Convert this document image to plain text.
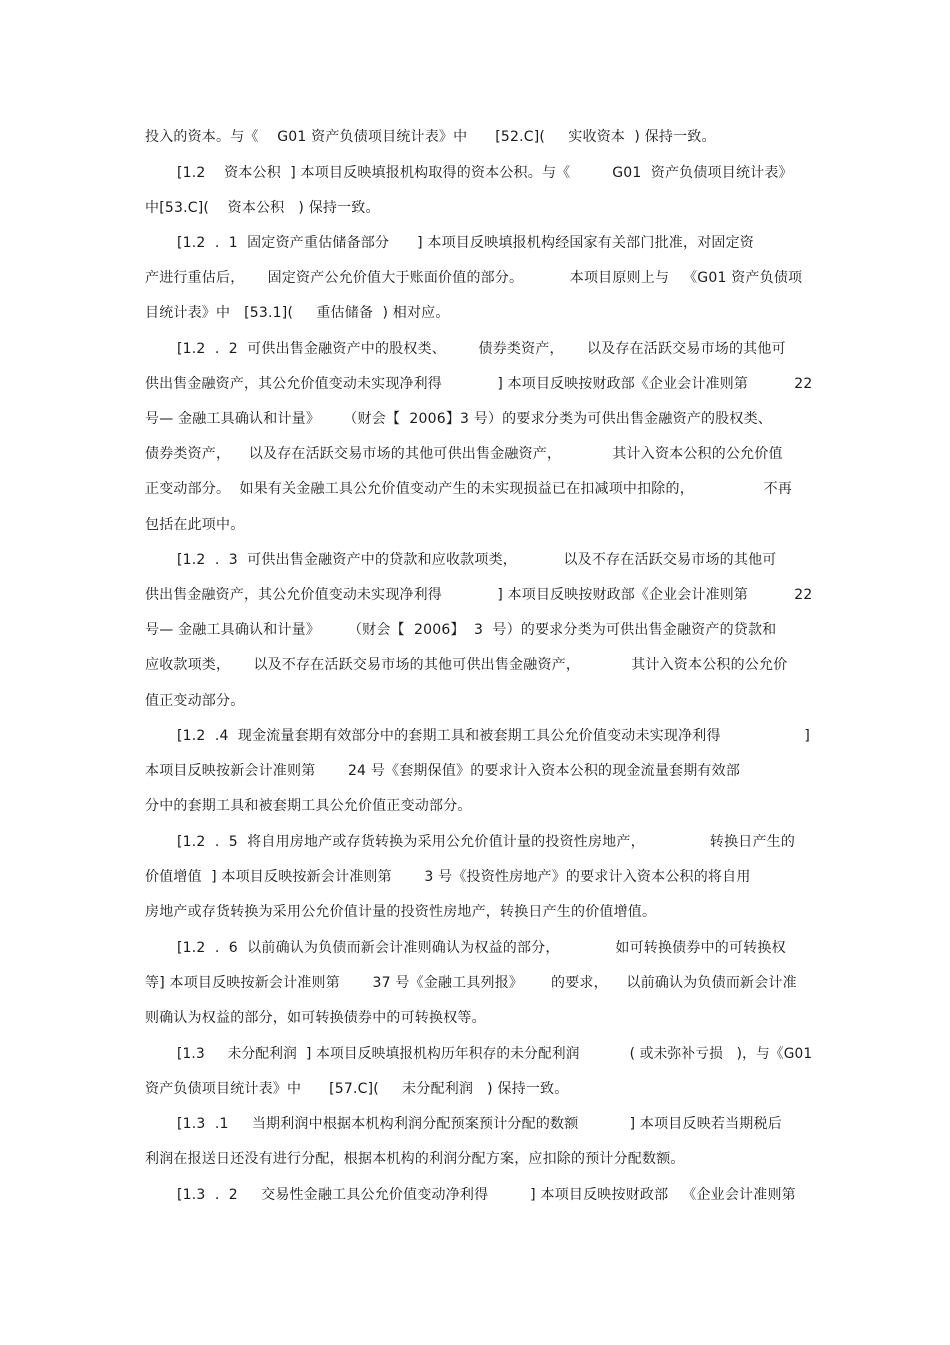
投入的资本。与《    G01 资产负债项目统计表》中      [52.C](     实收资本  ) 保持一致。
[1.2    资本公积  ] 本项目反映填报机构取得的资本公积。与《         G01  资产负债项目统计表》
中[53.C](    资本公积   ) 保持一致。
[1.2  .  1  固定资产重估储备部分      ] 本项目反映填报机构经国家有关部门批准，对固定资
产进行重估后，     固定资产公允价值大于账面价值的部分。          本项目原则上与   《G01 资产负债项
目统计表》中   [53.1](     重估储备  ) 相对应。
[1.2  .  2  可供出售金融资产中的股权类、       债券类资产，     以及存在活跃交易市场的其他可
供出售金融资产，其公允价值变动未实现净利得            ] 本项目反映按财政部《企业会计准则第          22
号— 金融工具确认和计量》     （财会【  2006】3 号）的要求分类为可供出售金融资产的股权类、
债券类资产，    以及存在活跃交易市场的其他可供出售金融资产，           其计入资本公积的公允价值
正变动部分。  如果有关金融工具公允价值变动产生的未实现损益已在扣减项中扣除的，               不再
包括在此项中。
[1.2  .  3  可供出售金融资产中的贷款和应收款项类，          以及不存在活跃交易市场的其他可
供出售金融资产，其公允价值变动未实现净利得            ] 本项目反映按财政部《企业会计准则第          22
号— 金融工具确认和计量》      （财会【  2006】  3  号）的要求分类为可供出售金融资产的贷款和
应收款项类，     以及不存在活跃交易市场的其他可供出售金融资产，           其计入资本公积的公允价
值正变动部分。
[1.2  .4  现金流量套期有效部分中的套期工具和被套期工具公允价值变动未实现净利得                  ]
本项目反映按新会计准则第       24 号《套期保值》的要求计入资本公积的现金流量套期有效部
分中的套期工具和被套期工具公允价值正变动部分。
[1.2  .  5  将自用房地产或存货转换为采用公允价值计量的投资性房地产，              转换日产生的
价值增值  ] 本项目反映按新会计准则第       3 号《投资性房地产》的要求计入资本公积的将自用
房地产或存货转换为采用公允价值计量的投资性房地产，转换日产生的价值增值。
[1.2  .  6  以前确认为负债而新会计准则确认为权益的部分，            如可转换债券中的可转换权
等] 本项目反映按新会计准则第       37 号《金融工具列报》      的要求，    以前确认为负债而新会计准
则确认为权益的部分，如可转换债券中的可转换权等。
[1.3     未分配利润  ] 本项目反映填报机构历年积存的未分配利润           ( 或未弥补亏损   )，与《G01
资产负债项目统计表》中      [57.C](     未分配利润   ) 保持一致。
[1.3  .1     当期利润中根据本机构利润分配预案预计分配的数额           ] 本项目反映若当期税后
利润在报送日还没有进行分配，根据本机构的利润分配方案，应扣除的预计分配数额。
[1.3  .  2     交易性金融工具公允价值变动净利得         ] 本项目反映按财政部   《企业会计准则第
